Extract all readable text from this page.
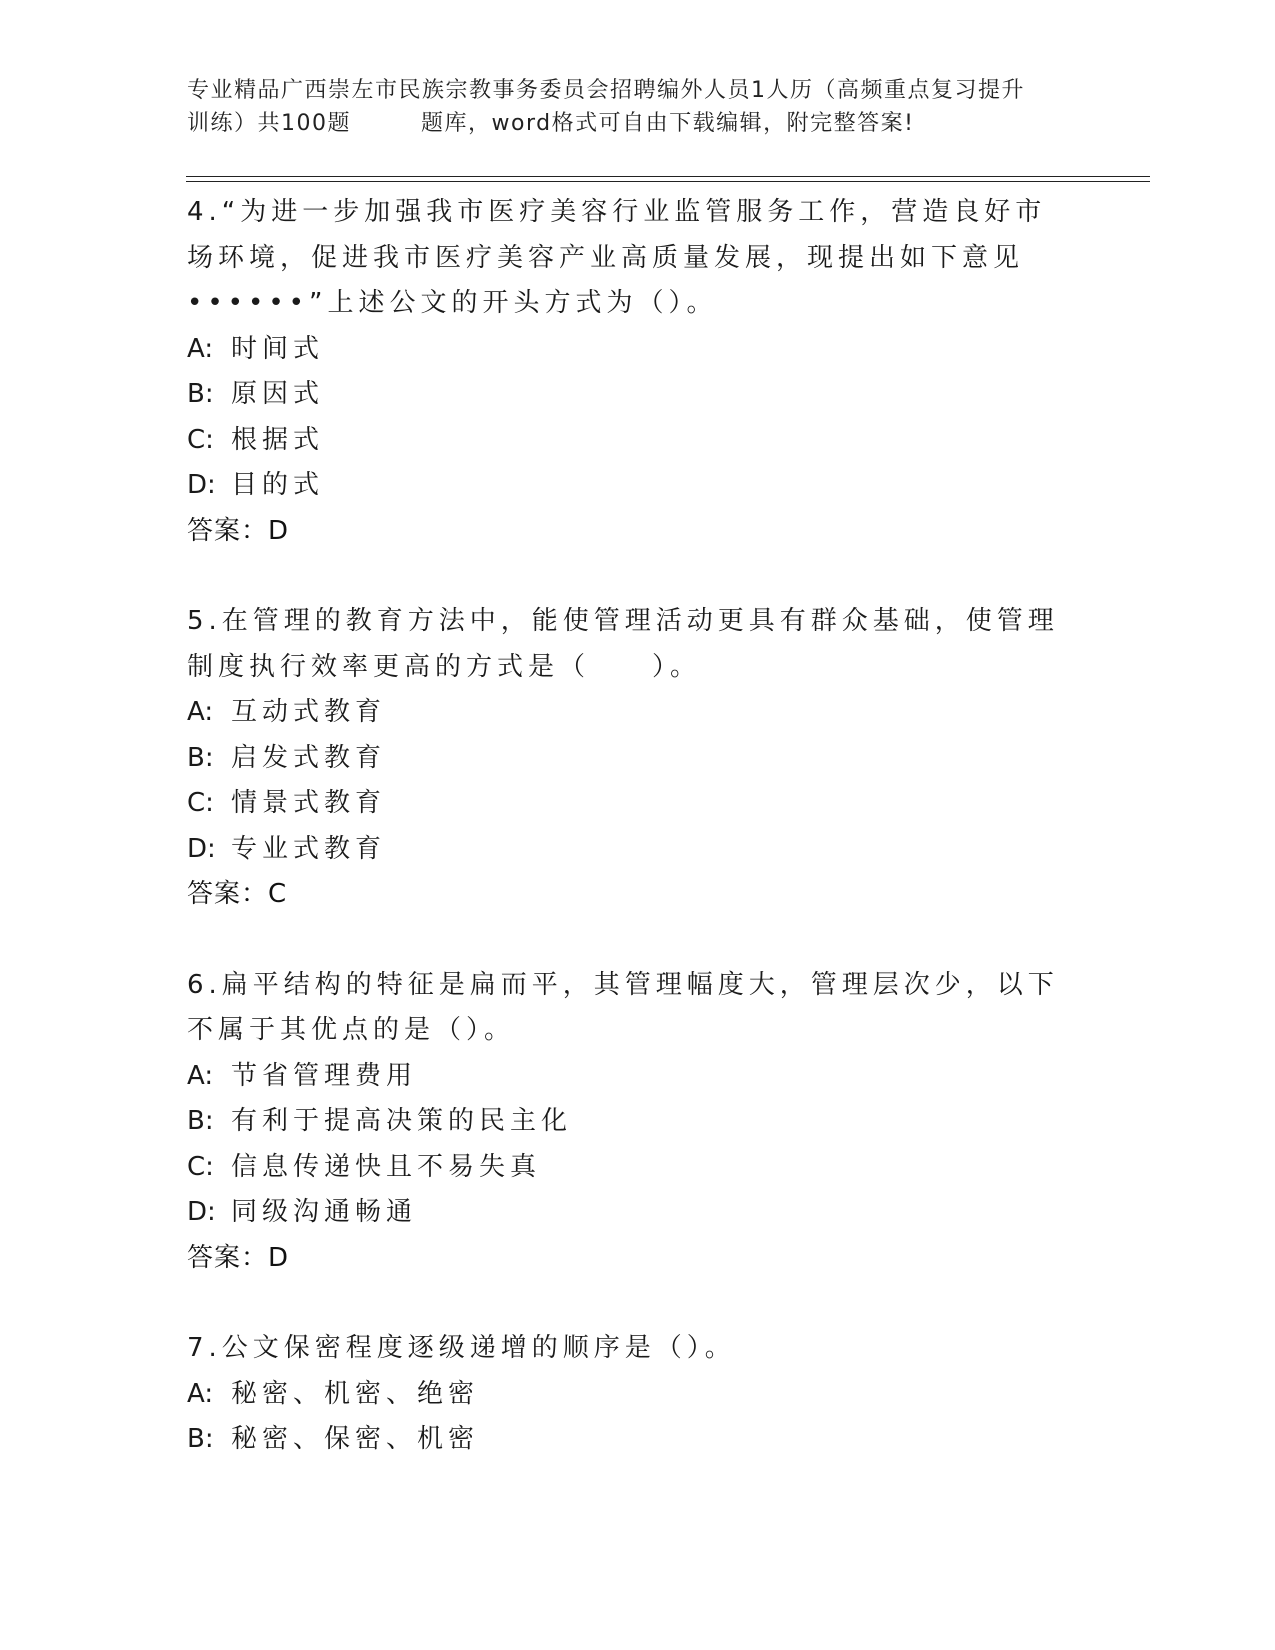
专业精品广西崇左市民族宗教事务委员会招聘编外人员1人历（高频重点复习提升
训练）共100题	题库，word格式可自由下载编辑，附完整答案!

4.“为进一步加强我市医疗美容行业监管服务工作，营造良好市场环境，促进我市医疗美容产业高质量发展，现提出如下意见

••••••”上述公文的开头方式为（）。

A: 时间式
B: 原因式
C: 根据式
D: 目的式

答案：D

5.在管理的教育方法中，能使管理活动更具有群众基础，使管理制度执行效率更高的方式是（　　）。

A: 互动式教育
B: 启发式教育
C: 情景式教育
D: 专业式教育

答案：C

6.扁平结构的特征是扁而平，其管理幅度大，管理层次少，以下不属于其优点的是（）。

A: 节省管理费用
B: 有利于提高决策的民主化
C: 信息传递快且不易失真
D: 同级沟通畅通

答案：D

7.公文保密程度逐级递增的顺序是（）。

A: 秘密、机密、绝密
B: 秘密、保密、机密
